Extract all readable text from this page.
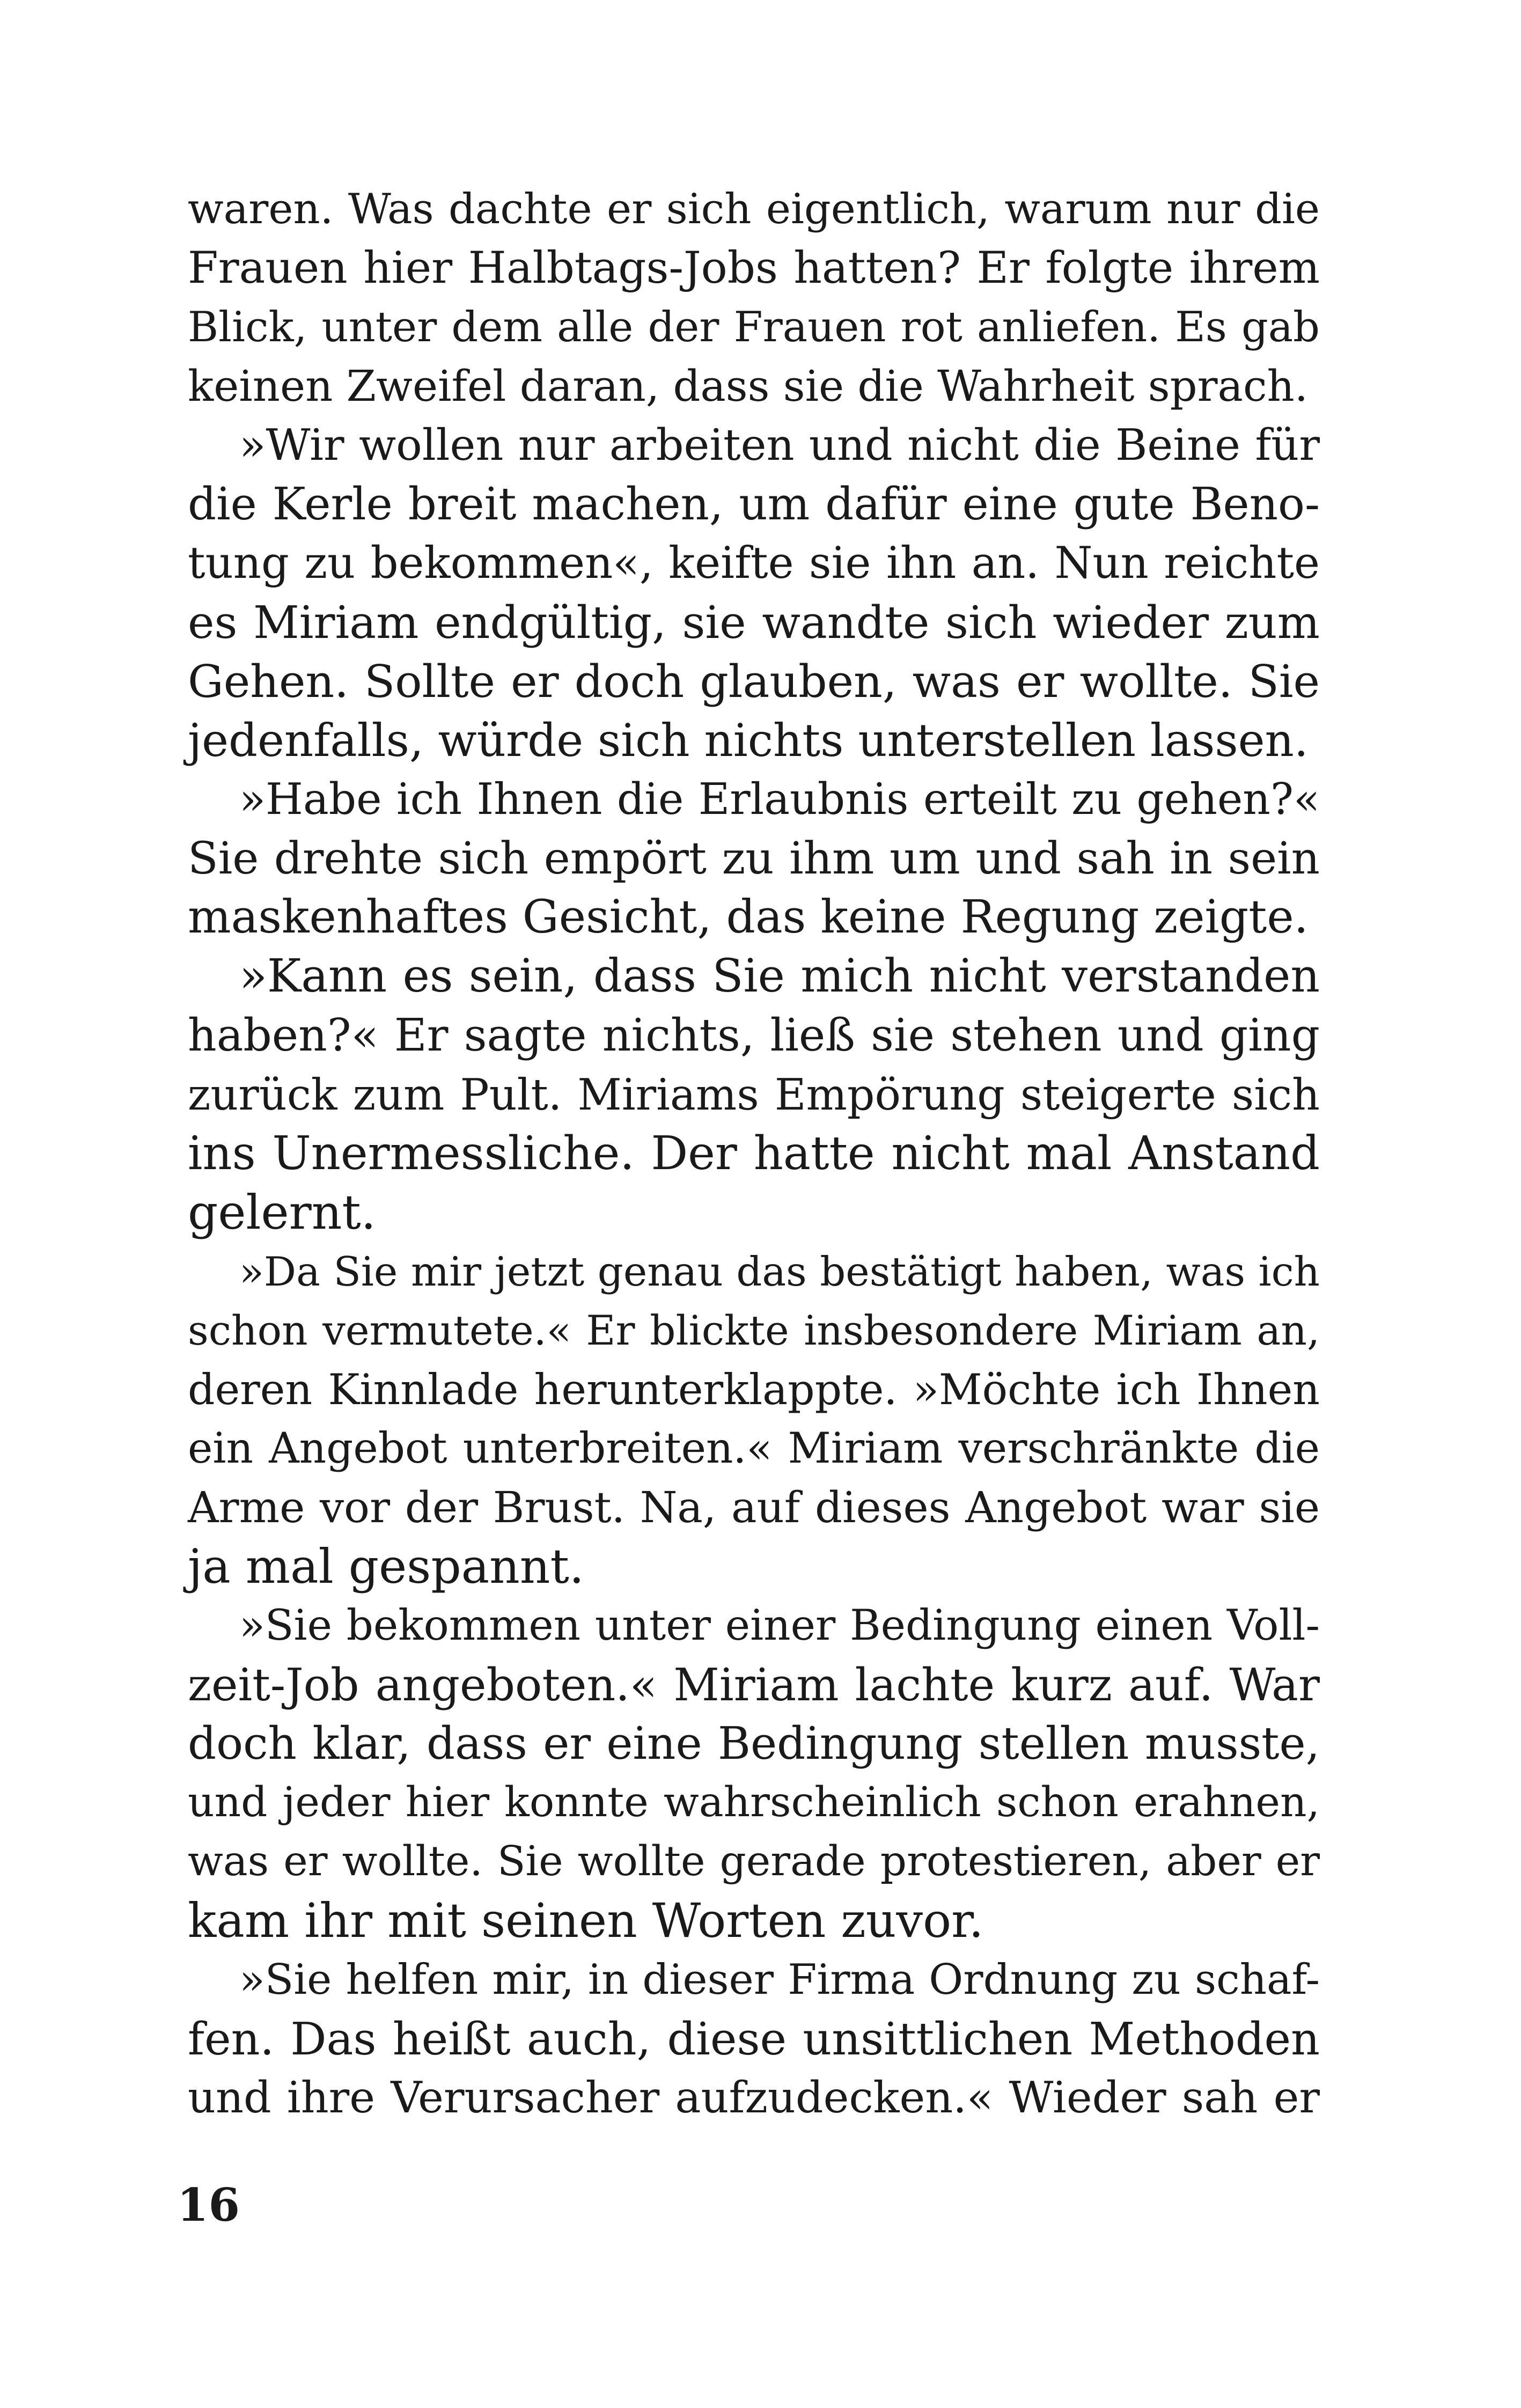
waren. Was dachte er sich eigentlich, warum nur die
Frauen hier Halbtags-Jobs hatten? Er folgte ihrem
Blick, unter dem alle der Frauen rot anliefen. Es gab
keinen Zweifel daran, dass sie die Wahrheit sprach.
»Wir wollen nur arbeiten und nicht die Beine für
die Kerle breit machen, um dafür eine gute Beno-
tung zu bekommen«, keifte sie ihn an. Nun reichte
es Miriam endgültig, sie wandte sich wieder zum
Gehen. Sollte er doch glauben, was er wollte. Sie
jedenfalls, würde sich nichts unterstellen lassen.
»Habe ich Ihnen die Erlaubnis erteilt zu gehen?«
Sie drehte sich empört zu ihm um und sah in sein
maskenhaftes Gesicht, das keine Regung zeigte.
»Kann es sein, dass Sie mich nicht verstanden
haben?« Er sagte nichts, ließ sie stehen und ging
zurück zum Pult. Miriams Empörung steigerte sich
ins Unermessliche. Der hatte nicht mal Anstand
gelernt.
»Da Sie mir jetzt genau das bestätigt haben, was ich
schon vermutete.« Er blickte insbesondere Miriam an,
deren Kinnlade herunterklappte. »Möchte ich Ihnen
ein Angebot unterbreiten.« Miriam verschränkte die
Arme vor der Brust. Na, auf dieses Angebot war sie
ja mal gespannt.
»Sie bekommen unter einer Bedingung einen Voll-
zeit-Job angeboten.« Miriam lachte kurz auf. War
doch klar, dass er eine Bedingung stellen musste,
und jeder hier konnte wahrscheinlich schon erahnen,
was er wollte. Sie wollte gerade protestieren, aber er
kam ihr mit seinen Worten zuvor.
»Sie helfen mir, in dieser Firma Ordnung zu schaf-
fen. Das heißt auch, diese unsittlichen Methoden
und ihre Verursacher aufzudecken.« Wieder sah er
16
